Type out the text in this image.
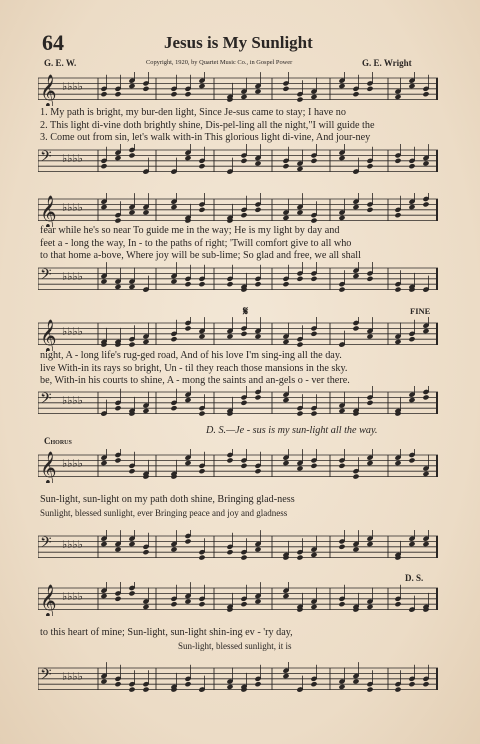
64	Jesus is My Sunlight
G. E. W.	Copyright, 1920, by Quartet Music Co., in Gospel Power	G. E. Wright
𝄞 ♭♭♭♭
1. My path is bright, my bur-den light, Since Je-sus came to stay; I have no
2. This light di-vine doth brightly shine, Dis-pel-ling all the night,"I will guide the
3. Come out from sin, let's walk with-in This glorious light di-vine, And jour-ney
𝄢 ♭♭♭♭
𝄞 ♭♭♭♭
fear while he's so near To guide me in the way; He is my light by day and
feet a - long the way, In - to the paths of right; 'Twill comfort give to all who
to that home a-bove, Where joy will be sub-lime; So glad and free, we all shall
𝄢 ♭♭♭♭
FINE
𝄋
𝄞 ♭♭♭♭
night, A - long life's rug-ged road, And of his love I'm sing-ing all the day.
live With-in its rays so bright, Un - til they reach those mansions in the sky.
be, With-in his courts to shine, A - mong the saints and an-gels o - ver there.
𝄢 ♭♭♭♭
D. S.—Je - sus is my sun-light all the way.
Chorus
𝄞 ♭♭♭♭
Sun-light, sun-light on my path doth shine, Bringing glad-ness
Sunlight, blessed sunlight, ever Bringing peace and joy and gladness
𝄢 ♭♭♭♭
D. S.
𝄞 ♭♭♭♭
to this heart of mine; Sun-light, sun-light shin-ing ev - 'ry day,
Sun-light, blessed sunlight, it is
𝄢 ♭♭♭♭
